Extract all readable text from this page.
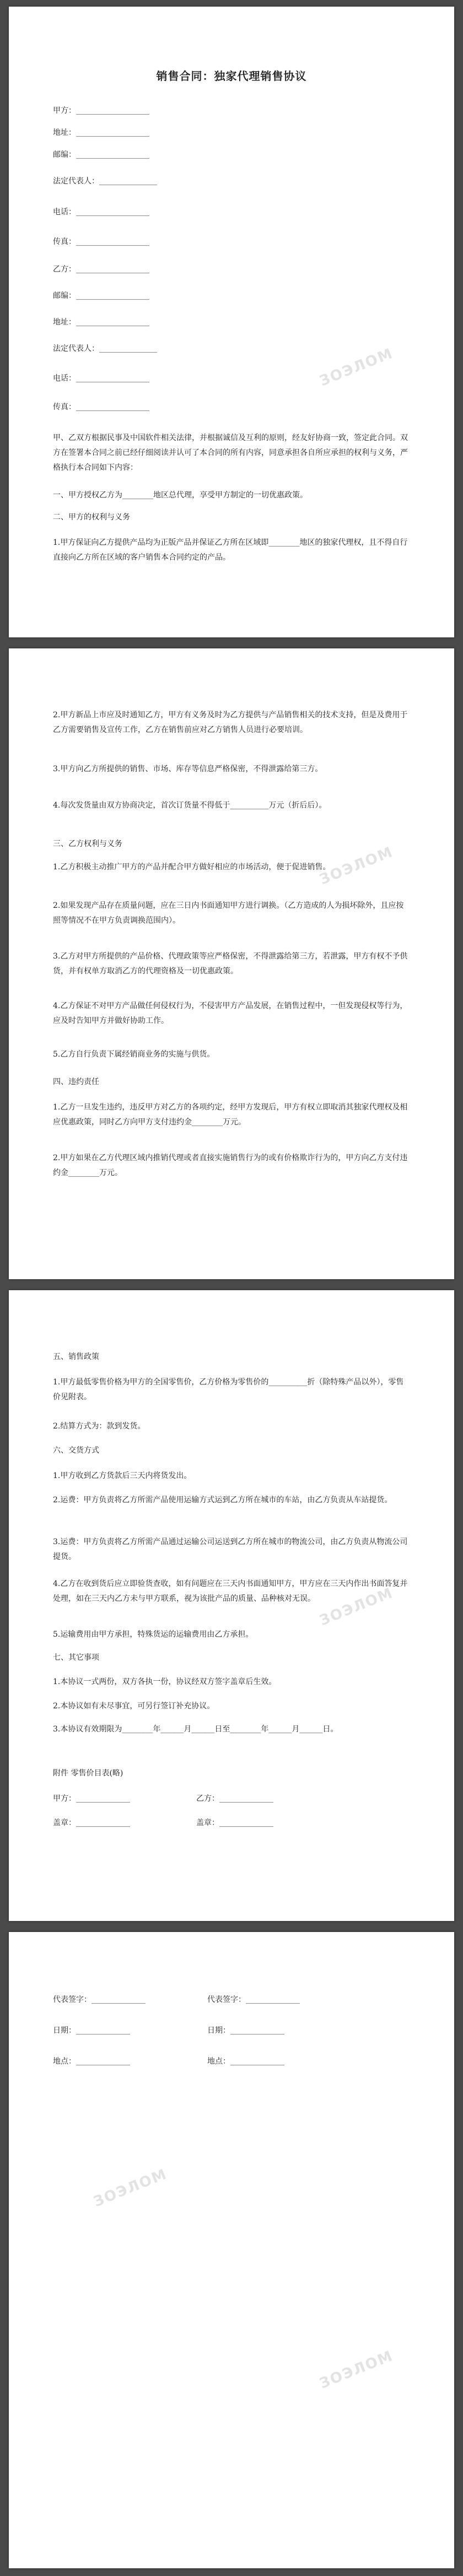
销售合同：独家代理销售协议
甲方：___________________
地址：___________________
邮编：___________________
法定代表人：_______________
电话：___________________
传真：___________________
乙方：___________________
邮编：___________________
地址：___________________
法定代表人：_______________
电话：___________________
传真：___________________
甲、乙双方根据民事及中国软件相关法律，并根据诚信及互利的原则，经友好协商一致，签定此合同。双方在签署本合同之前已经仔细阅读并认可了本合同的所有内容，同意承担各自所应承担的权利与义务，严格执行本合同如下内容：
一、甲方授权乙方为________地区总代理，享受甲方制定的一切优惠政策。
二、甲方的权利与义务
1.甲方保证向乙方提供产品均为正版产品并保证乙方所在区域即________地区的独家代理权，且不得自行直接向乙方所在区域的客户销售本合同约定的产品。
ЗОЭЛОМ
2.甲方新品上市应及时通知乙方，甲方有义务及时为乙方提供与产品销售相关的技术支持，但是及费用于乙方需要销售及宣传工作，乙方在销售前应对乙方销售人员进行必要培训。
3.甲方向乙方所提供的销售、市场、库存等信息严格保密，不得泄露给第三方。
4.每次发货量由双方协商决定，首次订货量不得低于__________万元（折后后）。
三、乙方权利与义务
1.乙方积极主动推广甲方的产品并配合甲方做好相应的市场活动，便于促进销售。
2.如果发现产品存在质量问题，应在三日内书面通知甲方进行调换。（乙方造成的人为损坏除外，且应按照等情况不在甲方负责调换范围内）。
3.乙方对甲方所提供的产品价格、代理政策等应严格保密，不得泄露给第三方，若泄露，甲方有权不予供货，并有权单方取消乙方的代理资格及一切优惠政策。
4.乙方保证不对甲方产品做任何侵权行为，不侵害甲方产品发展，在销售过程中，一但发现侵权等行为，应及时告知甲方并做好协助工作。
5.乙方自行负责下属经销商业务的实施与供货。
四、违约责任
1.乙方一旦发生违约，违反甲方对乙方的各项约定，经甲方发现后，甲方有权立即取消其独家代理权及相应优惠政策，同时乙方向甲方支付违约金________万元。
2.甲方如果在乙方代理区域内推销代理或者直接实施销售行为的或有价格欺诈行为的，甲方向乙方支付违约金________万元。
ЗОЭЛОМ
五、销售政策
1.甲方最低零售价格为甲方的全国零售价，乙方价格为零售价的__________折（除特殊产品以外），零售价见附表。
2.结算方式为：款到发货。
六、交货方式
1.甲方收到乙方货款后三天内将货发出。
2.运费：甲方负责将乙方所需产品使用运输方式运到乙方所在城市的车站，由乙方负责从车站提货。
3.运费：甲方负责将乙方所需产品通过运输公司运送到乙方所在城市的物流公司，由乙方负责从物流公司提货。
4.乙方在收到货后应立即验货查收，如有问题应在三天内书面通知甲方，甲方应在三天内作出书面答复并处理，如在三天内乙方未与甲方联系，视为该批产品的质量、品种核对无误。
5.运输费用由甲方承担，特殊货运的运输费用由乙方承担。
七、其它事项
1.本协议一式两份，双方各执一份，协议经双方签字盖章后生效。
2.本协议如有未尽事宜，可另行签订补充协议。
3.本协议有效期限为________年______月______日至________年______月______日。
附件 零售价目表(略)
甲方：______________	乙方：______________
盖章：______________	盖章：______________
ЗОЭЛОМ
代表签字：______________	代表签字：______________
日期：______________	日期：______________
地点：______________	地点：______________
ЗОЭЛОМ
ЗОЭЛОМ
